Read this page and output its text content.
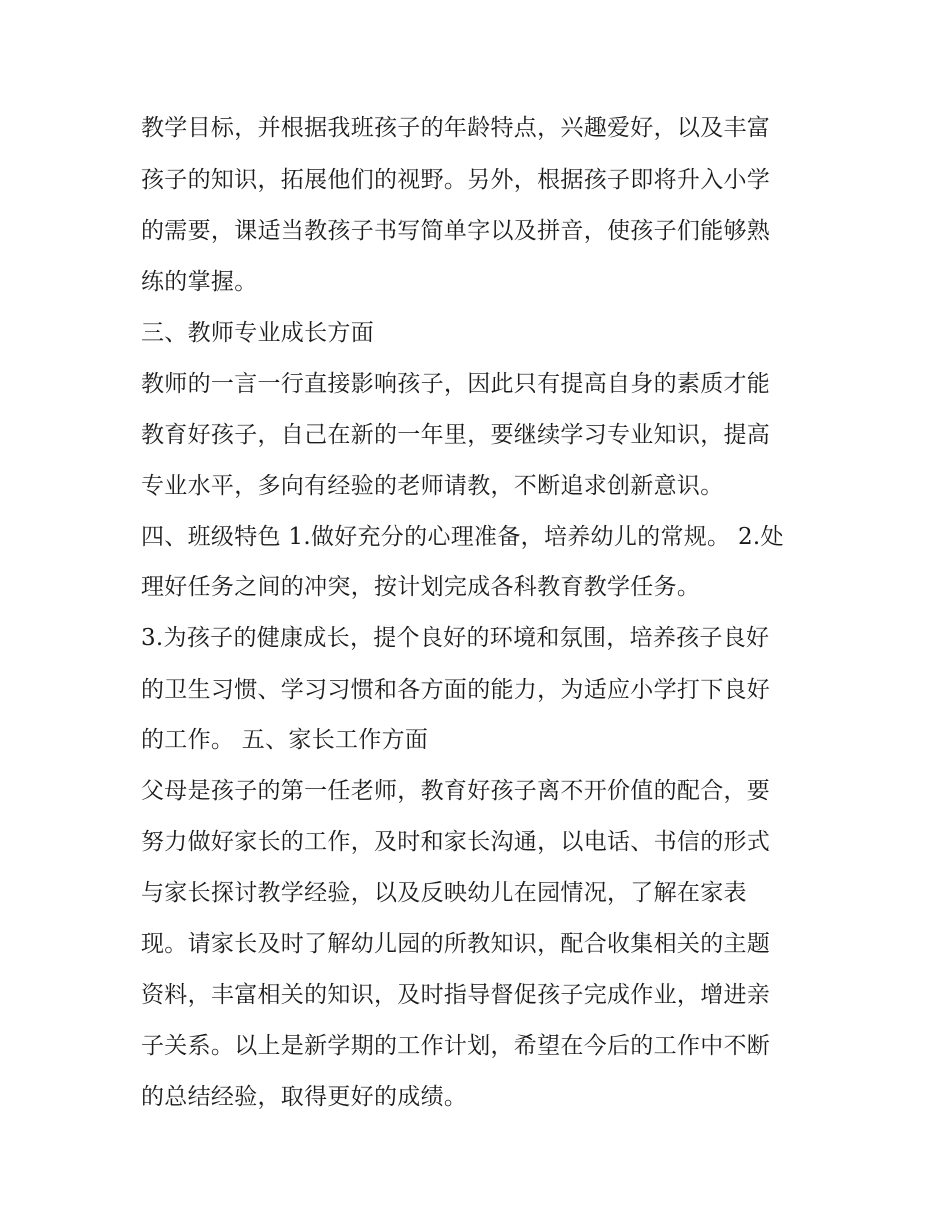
教学目标，并根据我班孩子的年龄特点，兴趣爱好，以及丰富
孩子的知识，拓展他们的视野。另外，根据孩子即将升入小学
的需要，课适当教孩子书写简单字以及拼音，使孩子们能够熟
练的掌握。
三、教师专业成长方面
教师的一言一行直接影响孩子，因此只有提高自身的素质才能
教育好孩子，自己在新的一年里，要继续学习专业知识，提高
专业水平，多向有经验的老师请教，不断追求创新意识。
四、班级特色 1.做好充分的心理准备，培养幼儿的常规。 2.处
理好任务之间的冲突，按计划完成各科教育教学任务。
3.为孩子的健康成长，提个良好的环境和氛围，培养孩子良好
的卫生习惯、学习习惯和各方面的能力，为适应小学打下良好
的工作。 五、家长工作方面
父母是孩子的第一任老师，教育好孩子离不开价值的配合，要
努力做好家长的工作，及时和家长沟通，以电话、书信的形式
与家长探讨教学经验，以及反映幼儿在园情况，了解在家表
现。请家长及时了解幼儿园的所教知识，配合收集相关的主题
资料，丰富相关的知识，及时指导督促孩子完成作业，增进亲
子关系。以上是新学期的工作计划，希望在今后的工作中不断
的总结经验，取得更好的成绩。
